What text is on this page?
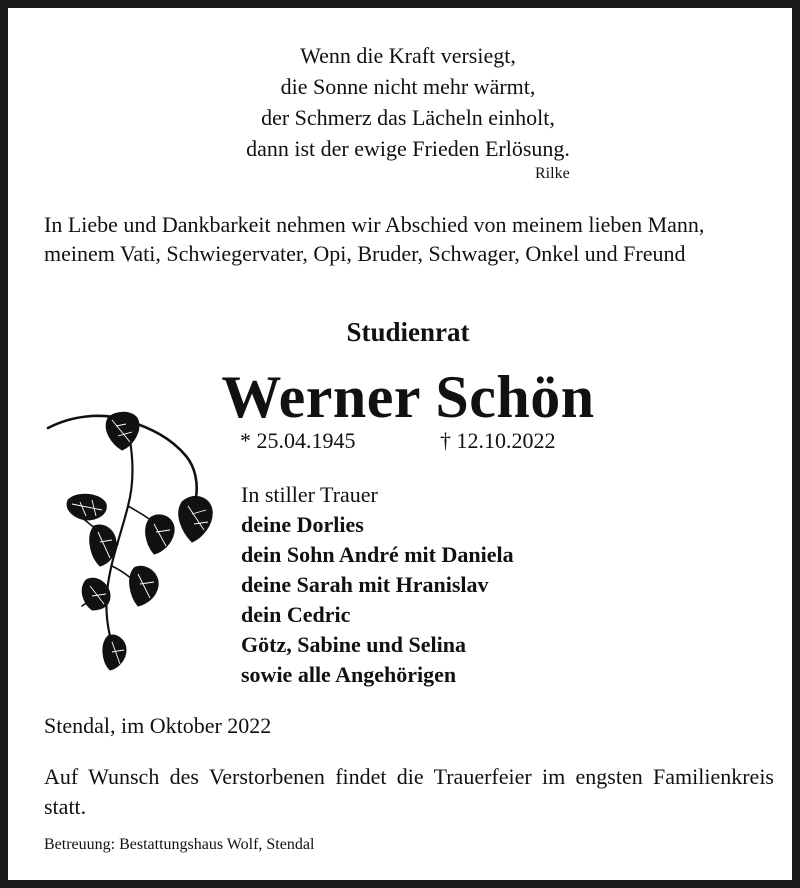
Wenn die Kraft versiegt,
die Sonne nicht mehr wärmt,
der Schmerz das Lächeln einholt,
dann ist der ewige Frieden Erlösung.
Rilke
In Liebe und Dankbarkeit nehmen wir Abschied von meinem lieben Mann, meinem Vati, Schwiegervater, Opi, Bruder, Schwager, Onkel und Freund
Studienrat
Werner Schön
* 25.04.1945	† 12.10.2022
In stiller Trauer
deine Dorlies
dein Sohn André mit Daniela
deine Sarah mit Hranislav
dein Cedric
Götz, Sabine und Selina
sowie alle Angehörigen
Stendal, im Oktober 2022
Auf Wunsch des Verstorbenen findet die Trauerfeier im engsten Familienkreis statt.
Betreuung: Bestattungshaus Wolf, Stendal
